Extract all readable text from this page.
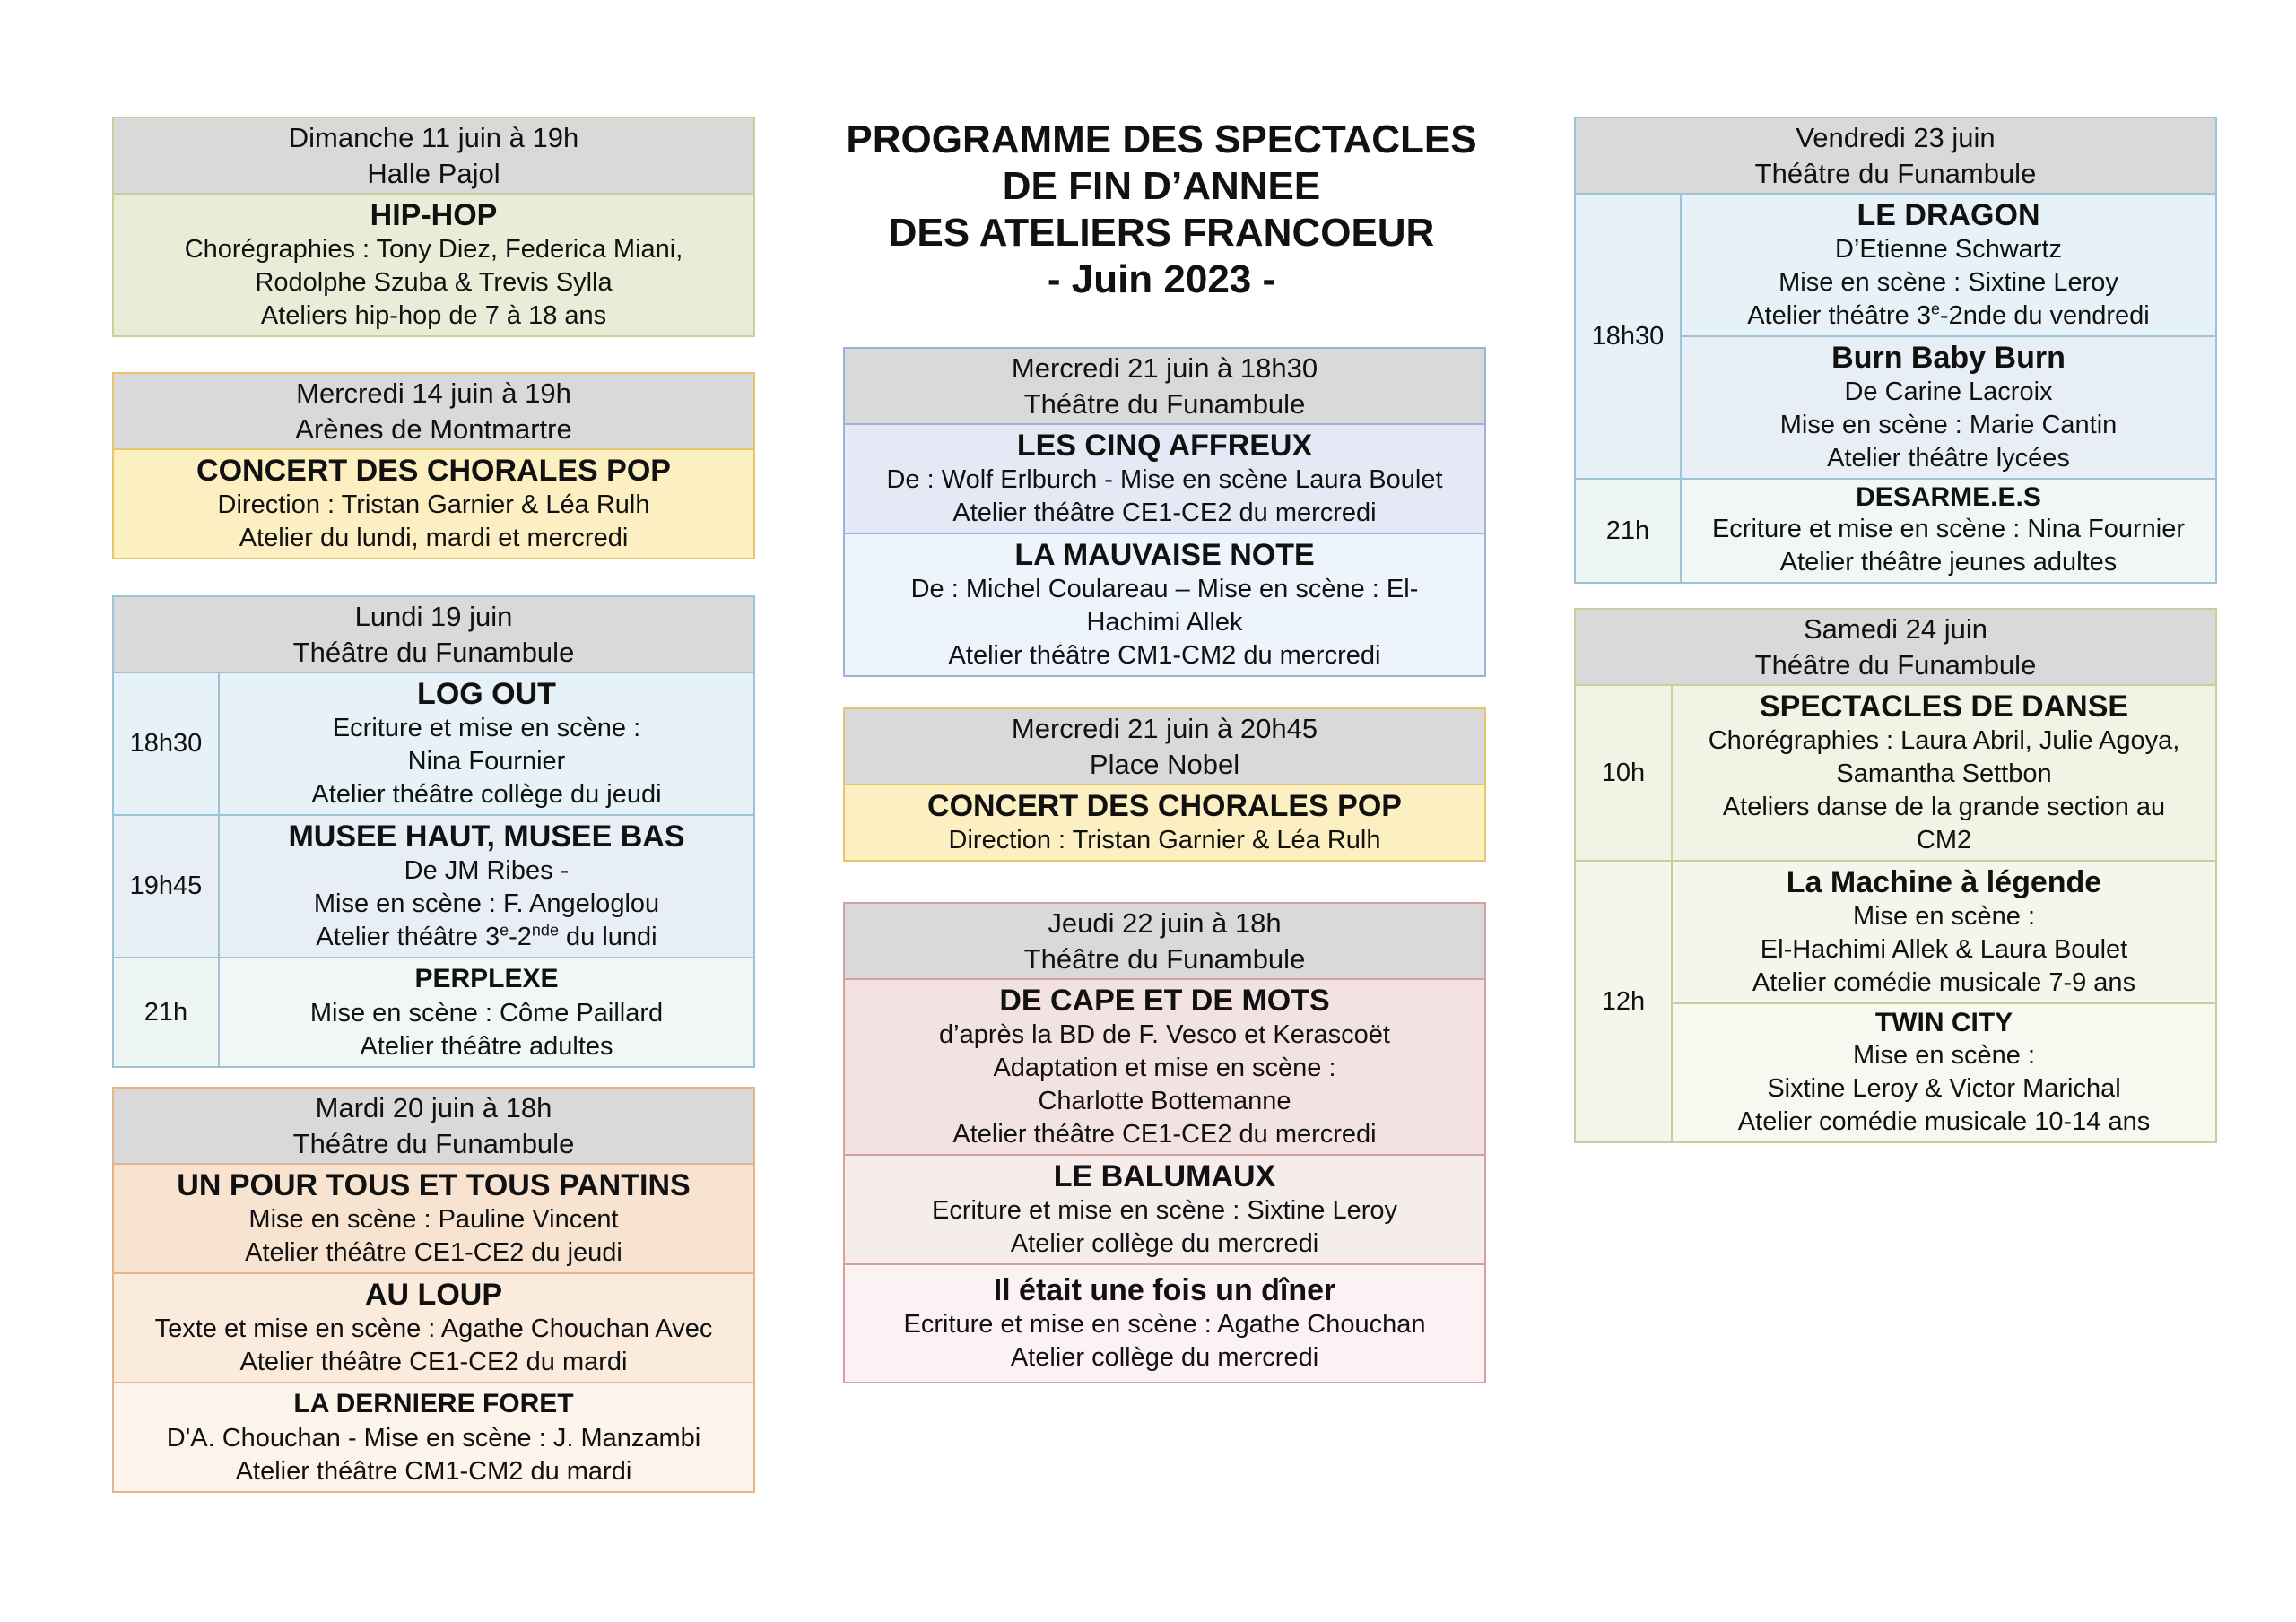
PROGRAMME DES SPECTACLES
DE FIN D’ANNEE
DES ATELIERS FRANCOEUR
- Juin 2023 -
Dimanche 11 juin à 19h
Halle Pajol
HIP-HOP
Chorégraphies : Tony Diez, Federica Miani,
Rodolphe Szuba & Trevis Sylla
Ateliers hip-hop de 7 à 18 ans
Mercredi 14 juin à 19h
Arènes de Montmartre
CONCERT DES CHORALES POP
Direction : Tristan Garnier & Léa Rulh
Atelier du lundi, mardi et mercredi
Lundi 19 juin
Théâtre du Funambule
18h30
LOG OUT
Ecriture et mise en scène :
Nina Fournier
Atelier théâtre collège du jeudi
19h45
MUSEE HAUT, MUSEE BAS
De JM Ribes -
Mise en scène : F. Angeloglou
Atelier théâtre 3e-2nde du lundi
21h
PERPLEXE
Mise en scène : Côme Paillard
Atelier théâtre adultes
Mardi 20 juin à 18h
Théâtre du Funambule
UN POUR TOUS ET TOUS PANTINS
Mise en scène : Pauline Vincent
Atelier théâtre CE1-CE2 du jeudi
AU LOUP
Texte et mise en scène : Agathe Chouchan Avec
Atelier théâtre CE1-CE2 du mardi
LA DERNIERE FORET
D'A. Chouchan - Mise en scène : J. Manzambi
Atelier théâtre CM1-CM2 du mardi
Mercredi 21 juin à 18h30
Théâtre du Funambule
LES CINQ AFFREUX
De : Wolf Erlburch - Mise en scène Laura Boulet
Atelier théâtre CE1-CE2 du mercredi
LA MAUVAISE NOTE
De : Michel Coulareau – Mise en scène : El-
Hachimi Allek
Atelier théâtre CM1-CM2 du mercredi
Mercredi 21 juin à 20h45
Place Nobel
CONCERT DES CHORALES POP
Direction : Tristan Garnier & Léa Rulh
Jeudi 22 juin à 18h
Théâtre du Funambule
DE CAPE ET DE MOTS
d’après la BD de F. Vesco et Kerascoët
Adaptation et mise en scène :
Charlotte Bottemanne
Atelier théâtre CE1-CE2 du mercredi
LE BALUMAUX
Ecriture et mise en scène : Sixtine Leroy
Atelier collège du mercredi
Il était une fois un dîner
Ecriture et mise en scène : Agathe Chouchan
Atelier collège du mercredi
Vendredi 23 juin
Théâtre du Funambule
18h30
LE DRAGON
D’Etienne Schwartz
Mise en scène : Sixtine Leroy
Atelier théâtre 3e-2nde du vendredi
Burn Baby Burn
De Carine Lacroix
Mise en scène : Marie Cantin
Atelier théâtre lycées
21h
DESARME.E.S
Ecriture et mise en scène : Nina Fournier
Atelier théâtre jeunes adultes
Samedi 24 juin
Théâtre du Funambule
10h
SPECTACLES DE DANSE
Chorégraphies : Laura Abril, Julie Agoya,
Samantha Settbon
Ateliers danse de la grande section au
CM2
12h
La Machine à légende
Mise en scène :
El-Hachimi Allek & Laura Boulet
Atelier comédie musicale 7-9 ans
TWIN CITY
Mise en scène :
Sixtine Leroy & Victor Marichal
Atelier comédie musicale 10-14 ans
